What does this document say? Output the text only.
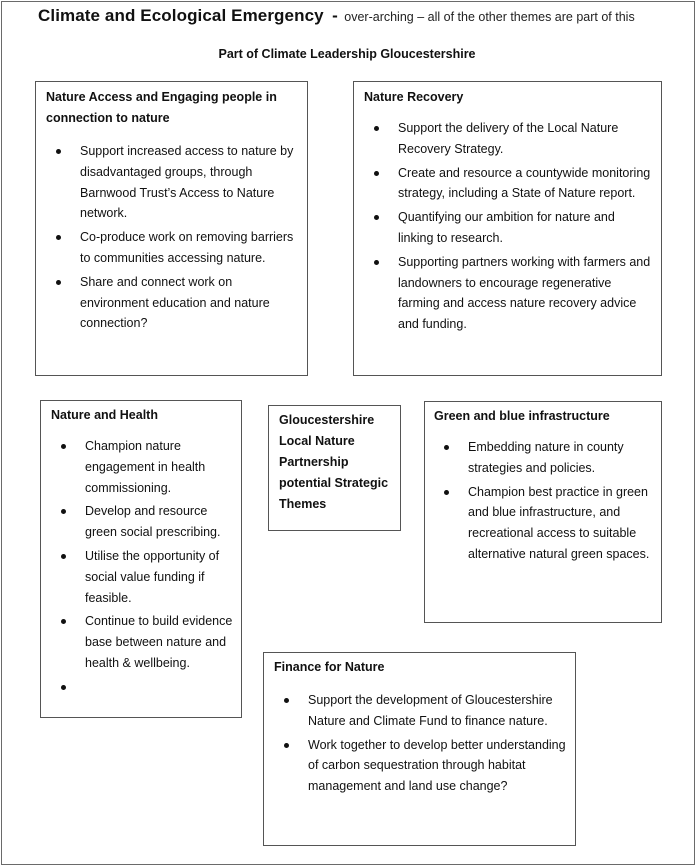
Climate and Ecological Emergency - over-arching – all of the other themes are part of this
Part of Climate Leadership Gloucestershire
Nature Access and Engaging people in connection to nature
Support increased access to nature by disadvantaged groups, through Barnwood Trust’s Access to Nature network.
Co-produce work on removing barriers to communities accessing nature.
Share and connect work on environment education and nature connection?
Nature Recovery
Support the delivery of the Local Nature Recovery Strategy.
Create and resource a countywide monitoring strategy, including a State of Nature report.
Quantifying our ambition for nature and linking to research.
Supporting partners working with farmers and landowners to encourage regenerative farming and access nature recovery advice and funding.
Nature and Health
Champion nature engagement in health commissioning.
Develop and resource green social prescribing.
Utilise the opportunity of social value funding if feasible.
Continue to build evidence base between nature and health & wellbeing.

Gloucestershire Local Nature Partnership potential Strategic Themes
Green and blue infrastructure
Embedding nature in county strategies and policies.
Champion best practice in green and blue infrastructure, and recreational access to suitable alternative natural green spaces.
Finance for Nature
Support the development of Gloucestershire Nature and Climate Fund to finance nature.
Work together to develop better understanding of carbon sequestration through habitat management and land use change?
